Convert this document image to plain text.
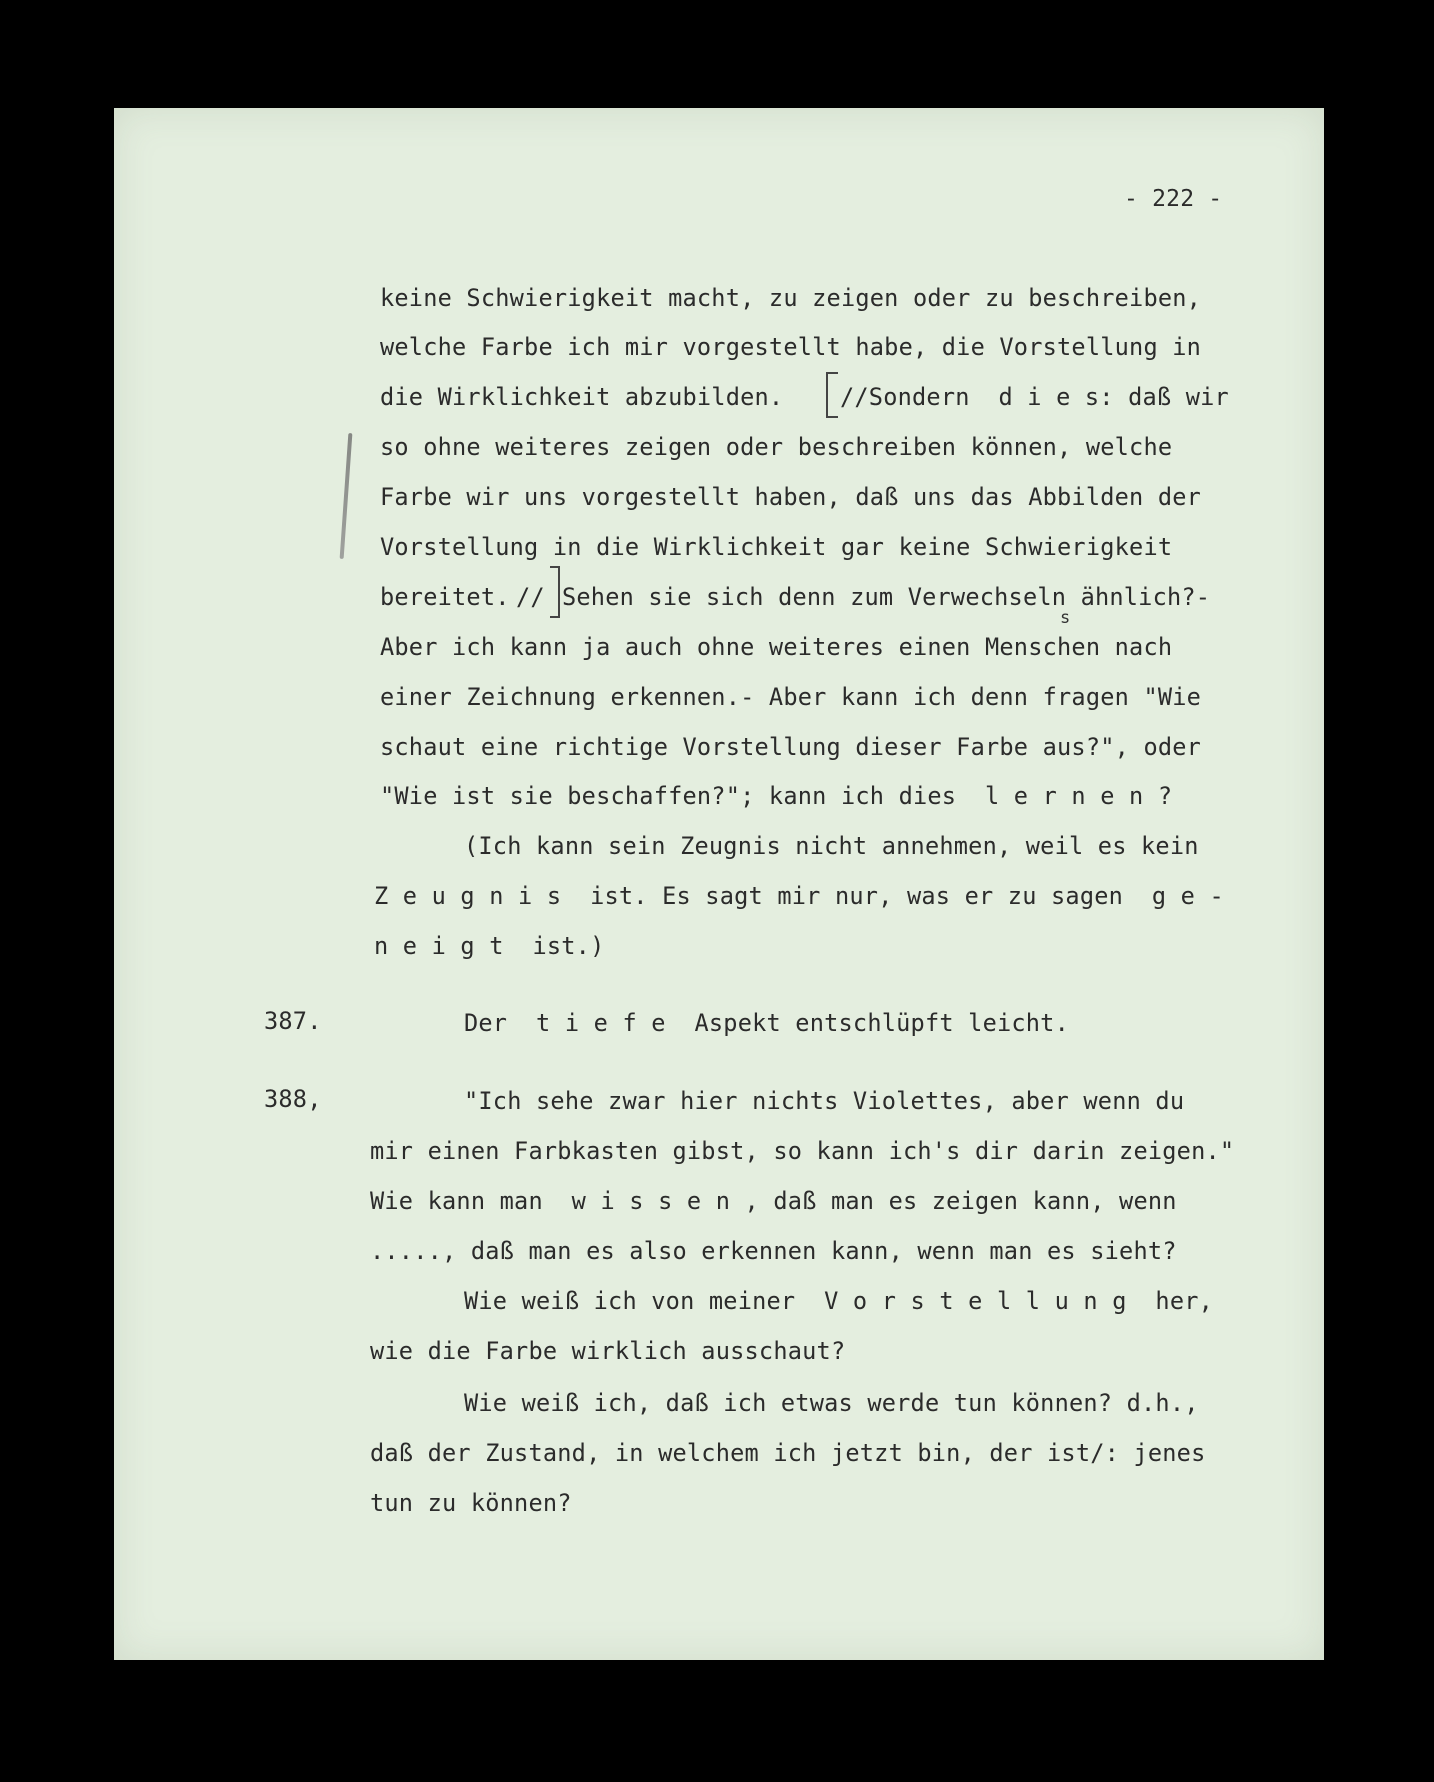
- 222 -
keine Schwierigkeit macht, zu zeigen oder zu beschreiben,
welche Farbe ich mir vorgestellt habe, die Vorstellung in
die Wirklichkeit abzubilden. //Sondern  d i e s: daß wir
so ohne weiteres zeigen oder beschreiben können, welche
Farbe wir uns vorgestellt haben, daß uns das Abbilden der
Vorstellung in die Wirklichkeit gar keine Schwierigkeit
bereitet. // Sehen sie sich denn zum Verwechseln ähnlich?-
s
Aber ich kann ja auch ohne weiteres einen Menschen nach
einer Zeichnung erkennen.- Aber kann ich denn fragen "Wie
schaut eine richtige Vorstellung dieser Farbe aus?", oder
"Wie ist sie beschaffen?"; kann ich dies  l e r n e n ?
(Ich kann sein Zeugnis nicht annehmen, weil es kein
Z e u g n i s  ist. Es sagt mir nur, was er zu sagen  g e -
n e i g t  ist.)
387.	Der  t i e f e  Aspekt entschlüpft leicht.
388,	"Ich sehe zwar hier nichts Violettes, aber wenn du
mir einen Farbkasten gibst, so kann ich's dir darin zeigen."
Wie kann man  w i s s e n , daß man es zeigen kann, wenn
....., daß man es also erkennen kann, wenn man es sieht?
Wie weiß ich von meiner  V o r s t e l l u n g  her,
wie die Farbe wirklich ausschaut?
Wie weiß ich, daß ich etwas werde tun können? d.h.,
daß der Zustand, in welchem ich jetzt bin, der ist/: jenes
tun zu können?
